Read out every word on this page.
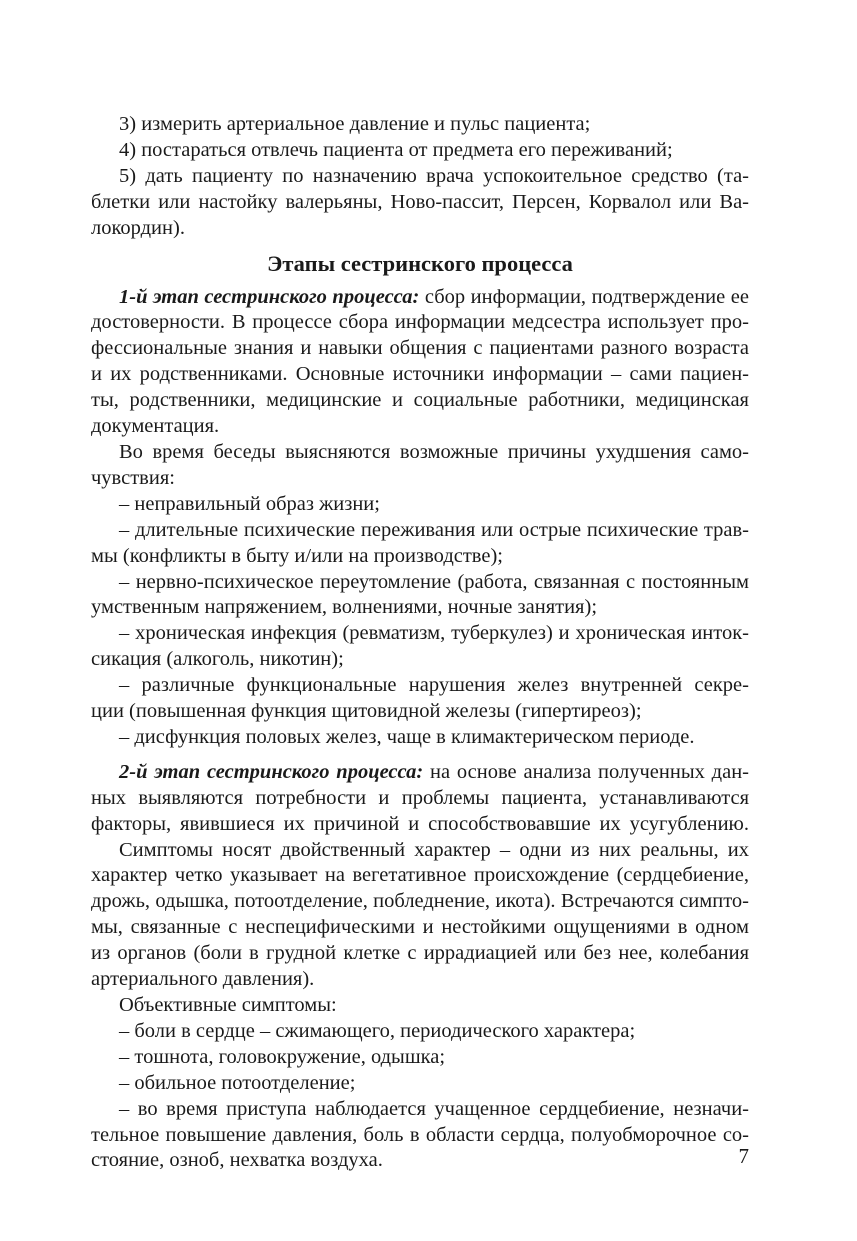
3) измерить артериальное давление и пульс пациента;
4) постараться отвлечь пациента от предмета его переживаний;
5) дать пациенту по назначению врача успокоительное средство (та-
блетки или настойку валерьяны, Ново-пассит, Персен, Корвалол или Ва-
локордин).
Этапы сестринского процесса
1-й этап сестринского процесса: сбор информации, подтверждение ее
достоверности. В процессе сбора информации медсестра использует про-
фессиональные знания и навыки общения с пациентами разного возраста
и их родственниками. Основные источники информации – сами пациен-
ты, родственники, медицинские и социальные работники, медицинская
документация.
Во время беседы выясняются возможные причины ухудшения само-
чувствия:
– неправильный образ жизни;
– длительные психические переживания или острые психические трав-
мы (конфликты в быту и/или на производстве);
– нервно-психическое переутомление (работа, связанная с постоянным
умственным напряжением, волнениями, ночные занятия);
– хроническая инфекция (ревматизм, туберкулез) и хроническая инток-
сикация (алкоголь, никотин);
– различные функциональные нарушения желез внутренней секре-
ции (повышенная функция щитовидной железы (гипертиреоз);
– дисфункция половых желез, чаще в климактерическом периоде.
2-й этап сестринского процесса: на основе анализа полученных дан-
ных выявляются потребности и проблемы пациента, устанавливаются
факторы, явившиеся их причиной и способствовавшие их усугублению.
Симптомы носят двойственный характер – одни из них реальны, их
характер четко указывает на вегетативное происхождение (сердцебиение,
дрожь, одышка, потоотделение, побледнение, икота). Встречаются симпто-
мы, связанные с неспецифическими и нестойкими ощущениями в одном
из органов (боли в грудной клетке с иррадиацией или без нее, колебания
артериального давления).
Объективные симптомы:
– боли в сердце – сжимающего, периодического характера;
– тошнота, головокружение, одышка;
– обильное потоотделение;
– во время приступа наблюдается учащенное сердцебиение, незначи-
тельное повышение давления, боль в области сердца, полуобморочное со-
стояние, озноб, нехватка воздуха.	7
